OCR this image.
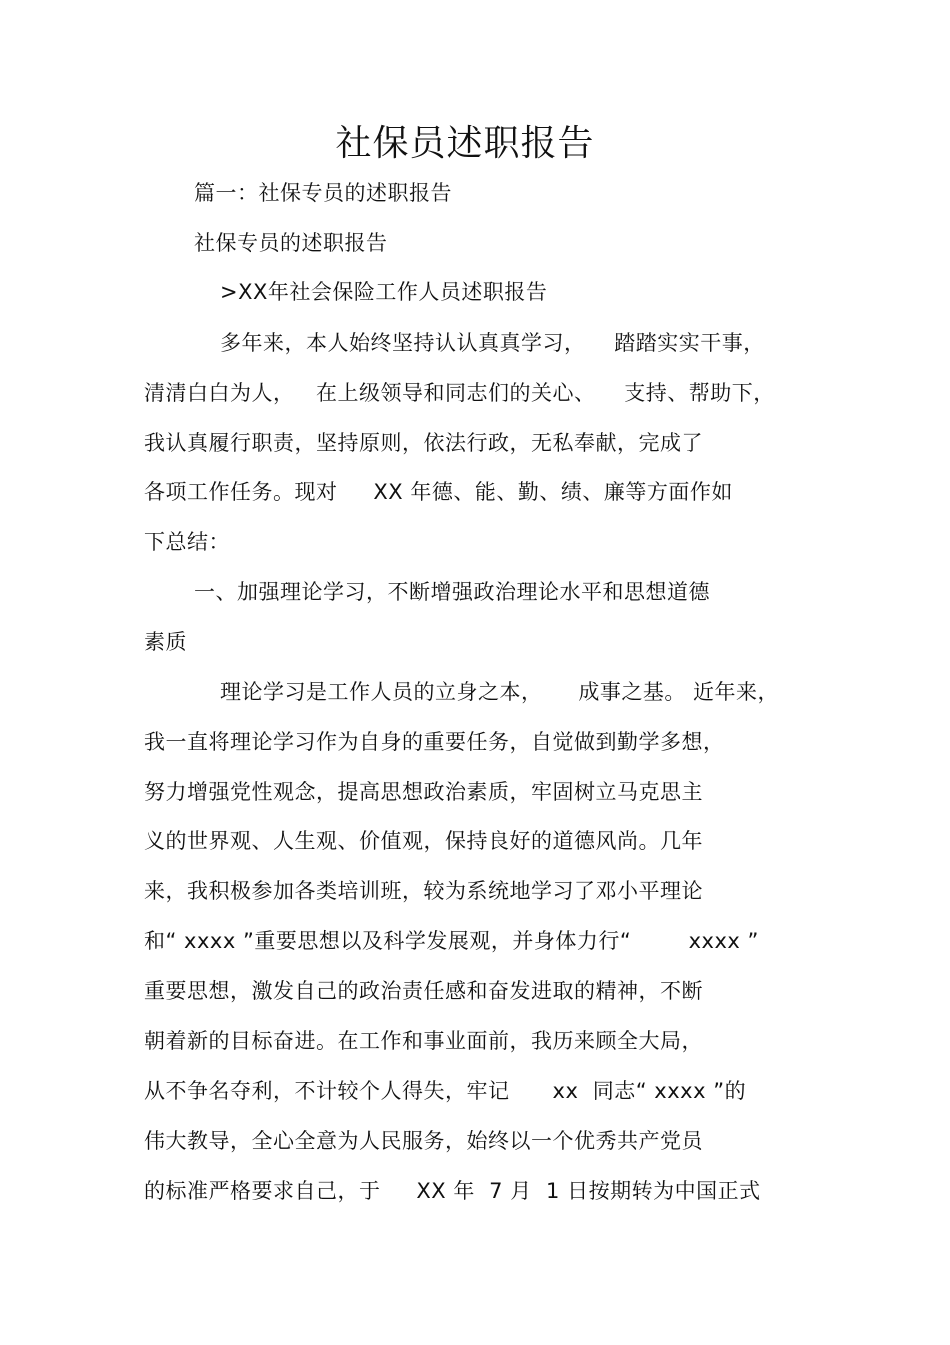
社保员述职报告
篇一：社保专员的述职报告
社保专员的述职报告
>XX年社会保险工作人员述职报告
多年来，本人始终坚持认认真真学习，    踏踏实实干事，
清清白白为人，   在上级领导和同志们的关心、    支持、帮助下，
我认真履行职责，坚持原则，依法行政，无私奉献，完成了
各项工作任务。现对     XX 年德、能、勤、绩、廉等方面作如
下总结：
一、加强理论学习，不断增强政治理论水平和思想道德
素质
理论学习是工作人员的立身之本，     成事之基。 近年来，
我一直将理论学习作为自身的重要任务，自觉做到勤学多想，
努力增强党性观念，提高思想政治素质，牢固树立马克思主
义的世界观、人生观、价值观，保持良好的道德风尚。几年
来，我积极参加各类培训班，较为系统地学习了邓小平理论
和“ xxxx ”重要思想以及科学发展观，并身体力行“        xxxx ”
重要思想，激发自己的政治责任感和奋发进取的精神，不断
朝着新的目标奋进。在工作和事业面前，我历来顾全大局，
从不争名夺利，不计较个人得失，牢记      xx  同志“ xxxx ”的
伟大教导，全心全意为人民服务，始终以一个优秀共产党员
的标准严格要求自己，于     XX 年  7 月  1 日按期转为中国正式
